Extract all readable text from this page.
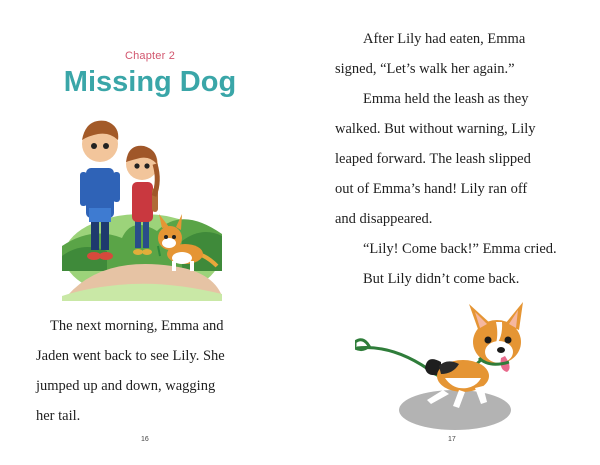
Chapter 2
Missing Dog

The next morning, Emma and

Jaden went back to see Lily. She

jumped up and down, wagging

her tail.

16	17

After Lily had eaten, Emma

signed, “Let’s walk her again.”

Emma held the leash as they

walked. But without warning, Lily

leaped forward. The leash slipped

out of Emma’s hand! Lily ran off

and disappeared.

“Lily! Come back!” Emma cried.

But Lily didn’t come back.
